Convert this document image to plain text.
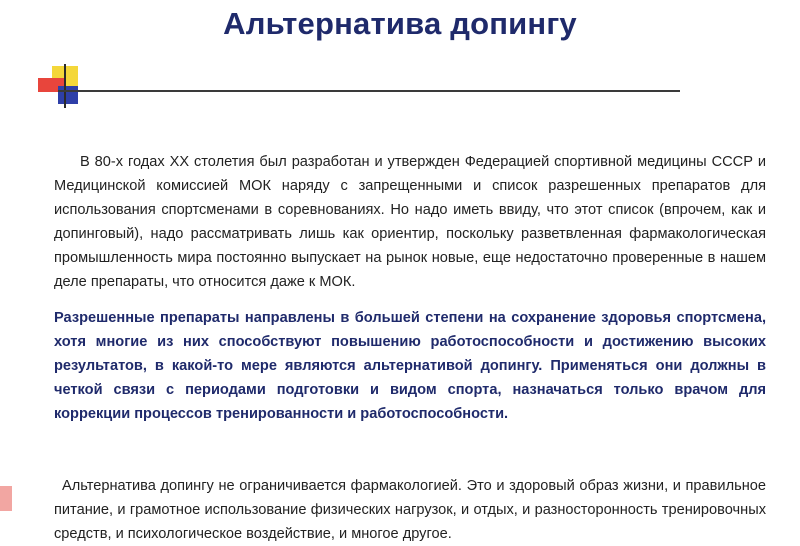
Альтернатива допингу

В 80-х годах XX столетия был разработан и утвержден Федерацией спортивной медицины СССР и Медицинской комиссией МОК наряду с запрещенными и список разрешенных препаратов для использования спортсменами в соревнованиях. Но надо иметь ввиду, что этот список (впрочем, как и допинговый), надо рассматривать лишь как ориентир, поскольку разветвленная фармакологическая промышленность мира постоянно выпускает на рынок новые, еще недостаточно проверенные в нашем деле препараты, что относится даже к МОК.

Разрешенные препараты направлены в большей степени на сохранение здоровья спортсмена, хотя многие из них способствуют повышению работоспособности и достижению высоких результатов, в какой-то мере являются альтернативой допингу. Применяться они должны в четкой связи с периодами подготовки и видом спорта, назначаться только врачом для коррекции процессов тренированности и работоспособности.

Альтернатива допингу не ограничивается фармакологией. Это и здоровый образ жизни, и правильное питание, и грамотное использование физических нагрузок, и отдых, и разносторонность тренировочных средств, и психологическое воздействие, и многое другое.
